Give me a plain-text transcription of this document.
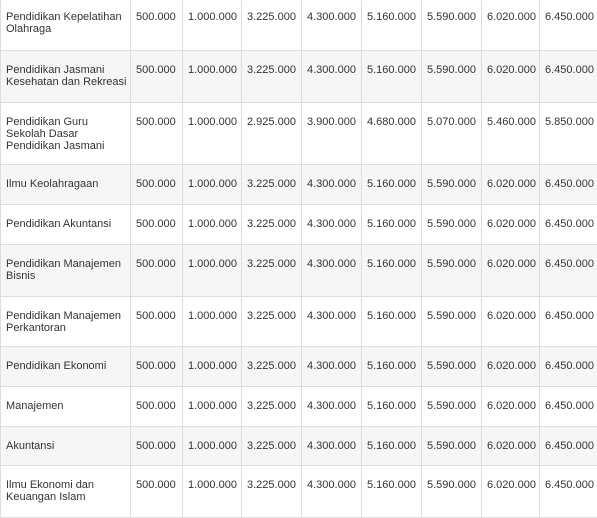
Pendidikan Kepelatihan Olahraga	500.000	1.000.000	3.225.000	4.300.000	5.160.000	5.590.000	6.020.000	6.450.000
Pendidikan Jasmani Kesehatan dan Rekreasi	500.000	1.000.000	3.225.000	4.300.000	5.160.000	5.590.000	6.020.000	6.450.000
Pendidikan Guru Sekolah Dasar Pendidikan Jasmani	500.000	1.000.000	2.925.000	3.900.000	4.680.000	5.070.000	5.460.000	5.850.000
Ilmu Keolahragaan	500.000	1.000.000	3.225.000	4.300.000	5.160.000	5.590.000	6.020.000	6.450.000
Pendidikan Akuntansi	500.000	1.000.000	3.225.000	4.300.000	5.160.000	5.590.000	6.020.000	6.450.000
Pendidikan Manajemen Bisnis	500.000	1.000.000	3.225.000	4.300.000	5.160.000	5.590.000	6.020.000	6.450.000
Pendidikan Manajemen Perkantoran	500.000	1.000.000	3.225.000	4.300.000	5.160.000	5.590.000	6.020.000	6.450.000
Pendidikan Ekonomi	500.000	1.000.000	3.225.000	4.300.000	5.160.000	5.590.000	6.020.000	6.450.000
Manajemen	500.000	1.000.000	3.225.000	4.300.000	5.160.000	5.590.000	6.020.000	6.450.000
Akuntansi	500.000	1.000.000	3.225.000	4.300.000	5.160.000	5.590.000	6.020.000	6.450.000
Ilmu Ekonomi dan Keuangan Islam	500.000	1.000.000	3.225.000	4.300.000	5.160.000	5.590.000	6.020.000	6.450.000
